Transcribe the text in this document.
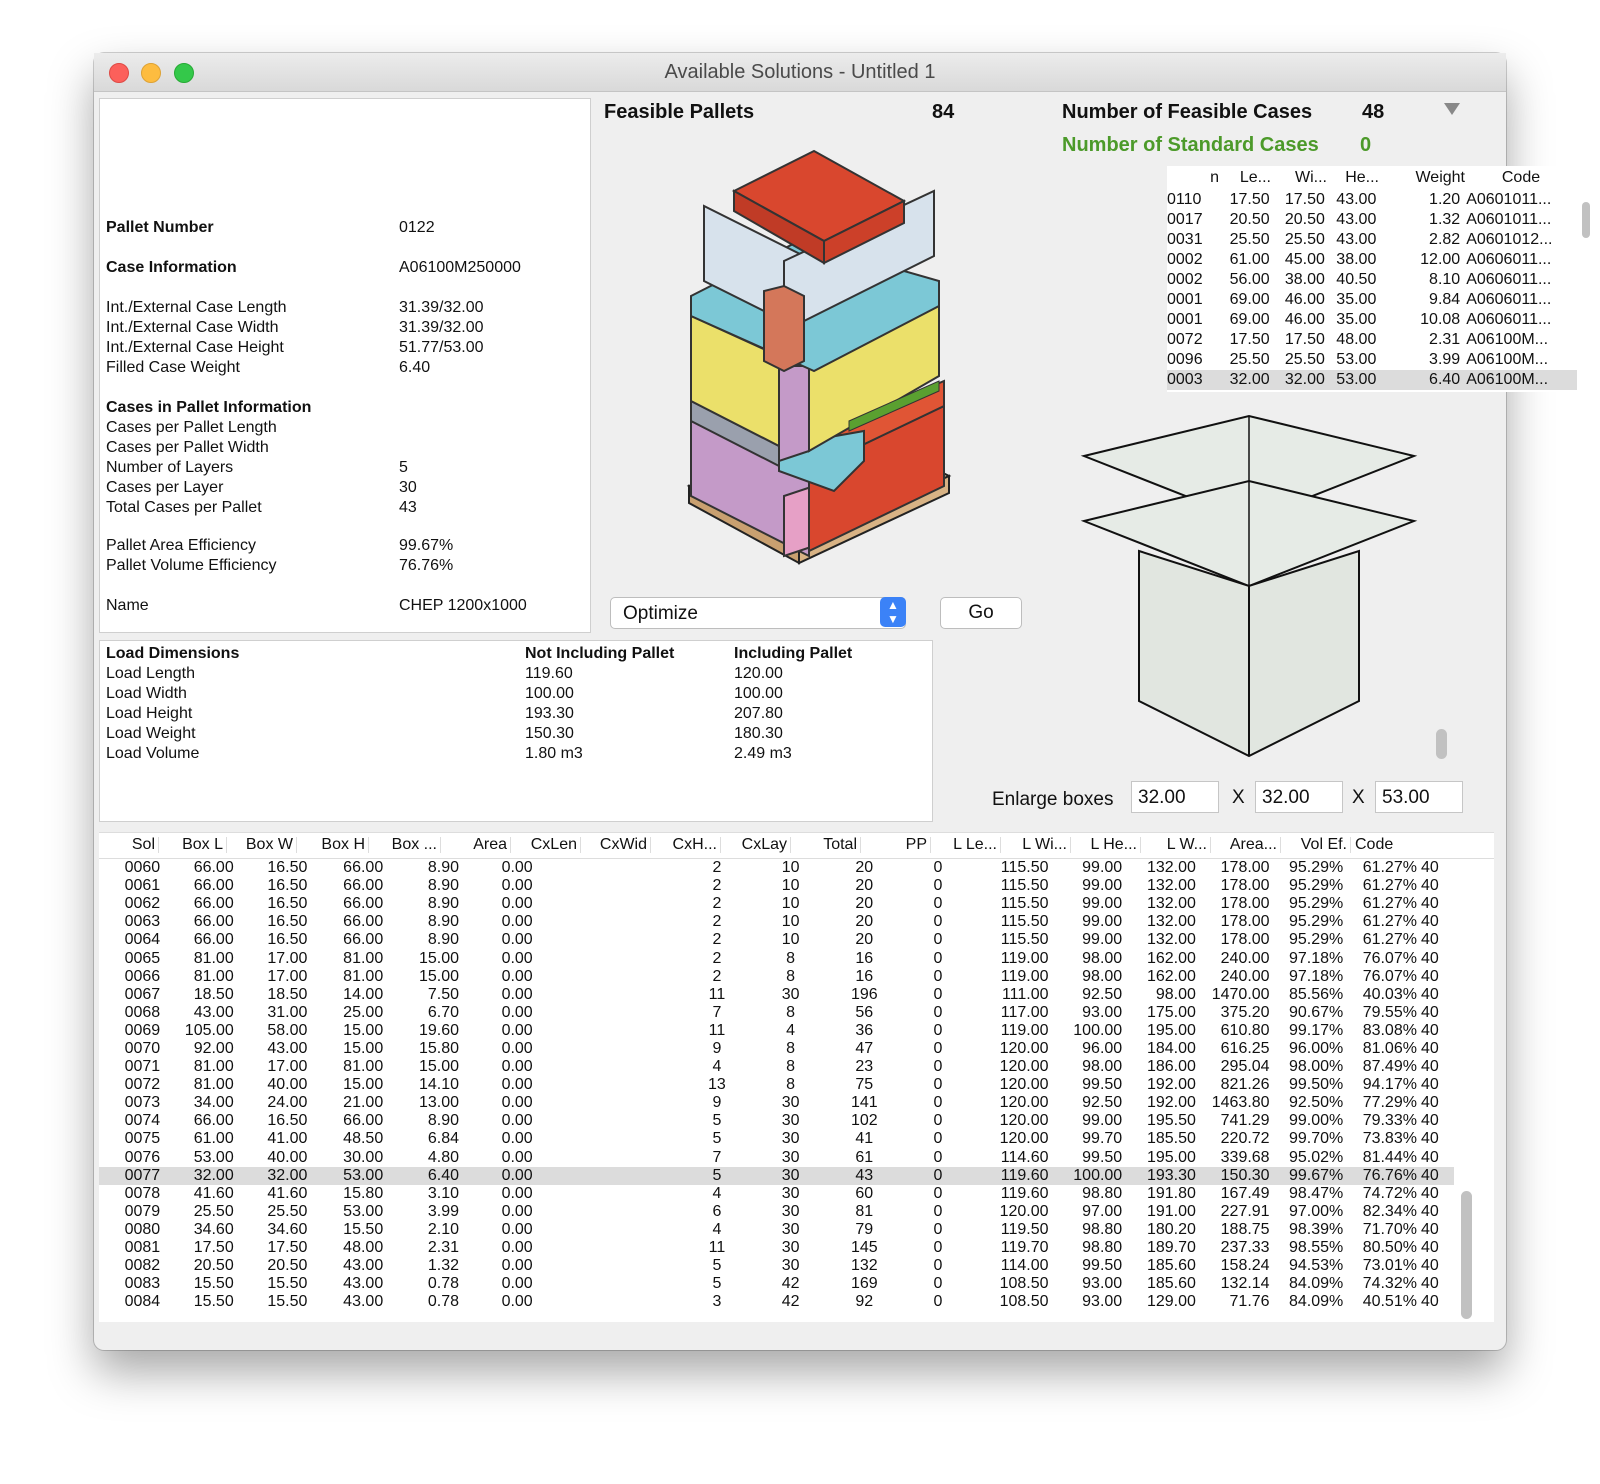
Available Solutions - Untitled 1
Pallet Number	0122
Case Information	A06100M250000
Int./External Case Length	31.39/32.00
Int./External Case Width	31.39/32.00
Int./External Case Height	51.77/53.00
Filled Case Weight	6.40
Cases in Pallet Information
Cases per Pallet Length
Cases per Pallet Width
Number of Layers	5
Cases per Layer	30
Total Cases per Pallet	43
Pallet Area Efficiency	99.67%
Pallet Volume Efficiency	76.76%
Name	CHEP 1200x1000
Feasible Pallets	84	Number of Feasible Cases 48
Number of Standard Cases 0
n	Le...	Wi...	He...	Weight	Code
0110	17.50	17.50	43.00	1.20	A0601011...
0017	20.50	20.50	43.00	1.32	A0601011...
0031	25.50	25.50	43.00	2.82	A0601012...
0002	61.00	45.00	38.00	12.00	A0606011...
0002	56.00	38.00	40.50	8.10	A0606011...
0001	69.00	46.00	35.00	9.84	A0606011...
0001	69.00	46.00	35.00	10.08	A0606011...
0072	17.50	17.50	48.00	2.31	A06100M...
0096	25.50	25.50	53.00	3.99	A06100M...
0003	32.00	32.00	53.00	6.40	A06100M...
Optimize	▲
▼	Go
Load Dimensions	Not Including Pallet	Including Pallet
Load Length	119.60	120.00
Load Width	100.00	100.00
Load Height	193.30	207.80
Load Weight	150.30	180.30
Load Volume	1.80 m3	2.49 m3
Enlarge boxes	32.00	X 32.00	X 53.00
Sol	Box L	Box W	Box H	Box ...	Area	CxLen	CxWid	CxH...	CxLay	Total	PP	L Le...	L Wi...	L He...	L W...	Area...	Vol Ef. Code
0060	66.00	16.50	66.00	8.90	0.00			2	10	20	0	115.50	99.00	132.00	178.00	95.29%	61.27%	40
0061	66.00	16.50	66.00	8.90	0.00			2	10	20	0	115.50	99.00	132.00	178.00	95.29%	61.27%	40
0062	66.00	16.50	66.00	8.90	0.00			2	10	20	0	115.50	99.00	132.00	178.00	95.29%	61.27%	40
0063	66.00	16.50	66.00	8.90	0.00			2	10	20	0	115.50	99.00	132.00	178.00	95.29%	61.27%	40
0064	66.00	16.50	66.00	8.90	0.00			2	10	20	0	115.50	99.00	132.00	178.00	95.29%	61.27%	40
0065	81.00	17.00	81.00	15.00	0.00			2	8	16	0	119.00	98.00	162.00	240.00	97.18%	76.07%	40
0066	81.00	17.00	81.00	15.00	0.00			2	8	16	0	119.00	98.00	162.00	240.00	97.18%	76.07%	40
0067	18.50	18.50	14.00	7.50	0.00			11	30	196	0	111.00	92.50	98.00	1470.00	85.56%	40.03%	40
0068	43.00	31.00	25.00	6.70	0.00			7	8	56	0	117.00	93.00	175.00	375.20	90.67%	79.55%	40
0069	105.00	58.00	15.00	19.60	0.00			11	4	36	0	119.00	100.00	195.00	610.80	99.17%	83.08%	40
0070	92.00	43.00	15.00	15.80	0.00			9	8	47	0	120.00	96.00	184.00	616.25	96.00%	81.06%	40
0071	81.00	17.00	81.00	15.00	0.00			4	8	23	0	120.00	98.00	186.00	295.04	98.00%	87.49%	40
0072	81.00	40.00	15.00	14.10	0.00			13	8	75	0	120.00	99.50	192.00	821.26	99.50%	94.17%	40
0073	34.00	24.00	21.00	13.00	0.00			9	30	141	0	120.00	92.50	192.00	1463.80	92.50%	77.29%	40
0074	66.00	16.50	66.00	8.90	0.00			5	30	102	0	120.00	99.00	195.50	741.29	99.00%	79.33%	40
0075	61.00	41.00	48.50	6.84	0.00			5	30	41	0	120.00	99.70	185.50	220.72	99.70%	73.83%	40
0076	53.00	40.00	30.00	4.80	0.00			7	30	61	0	114.60	99.50	195.00	339.68	95.02%	81.44%	40
0077	32.00	32.00	53.00	6.40	0.00			5	30	43	0	119.60	100.00	193.30	150.30	99.67%	76.76%	40
0078	41.60	41.60	15.80	3.10	0.00			4	30	60	0	119.60	98.80	191.80	167.49	98.47%	74.72%	40
0079	25.50	25.50	53.00	3.99	0.00			6	30	81	0	120.00	97.00	191.00	227.91	97.00%	82.34%	40
0080	34.60	34.60	15.50	2.10	0.00			4	30	79	0	119.50	98.80	180.20	188.75	98.39%	71.70%	40
0081	17.50	17.50	48.00	2.31	0.00			11	30	145	0	119.70	98.80	189.70	237.33	98.55%	80.50%	40
0082	20.50	20.50	43.00	1.32	0.00			5	30	132	0	114.00	99.50	185.60	158.24	94.53%	73.01%	40
0083	15.50	15.50	43.00	0.78	0.00			5	42	169	0	108.50	93.00	185.60	132.14	84.09%	74.32%	40
0084	15.50	15.50	43.00	0.78	0.00			3	42	92	0	108.50	93.00	129.00	71.76	84.09%	40.51%	40
